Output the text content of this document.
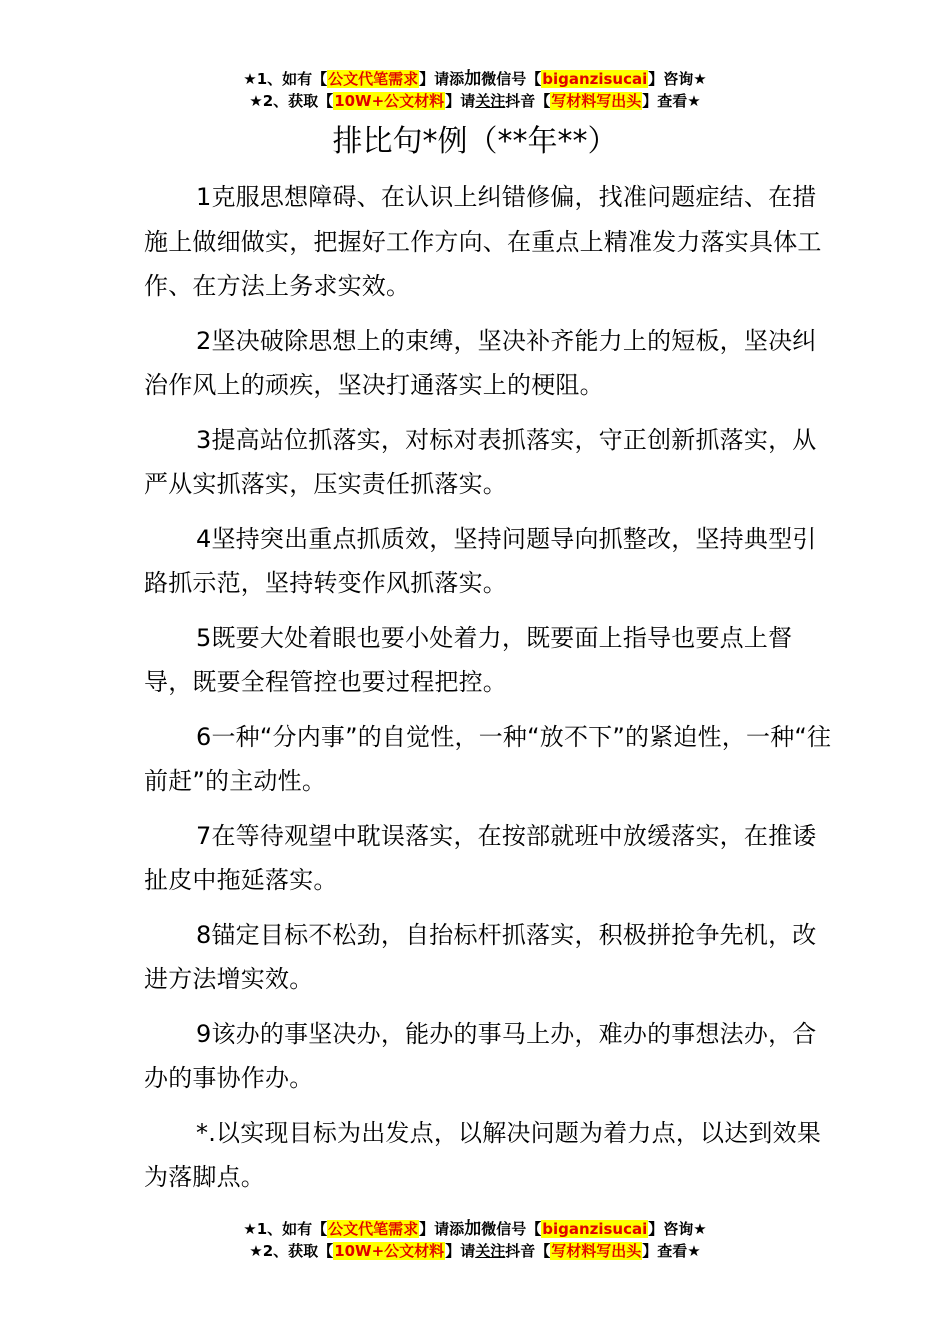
★1、如有【公文代笔需求】请添加微信号【biganzisucai】咨询★
★2、获取【10W+公文材料】请关注抖音【写材料写出头】查看★
排比句*例（**年**）

1克服思想障碍、在认识上纠错修偏，找准问题症结、在措施上做细做实，把握好工作方向、在重点上精准发力落实具体工作、在方法上务求实效。

2坚决破除思想上的束缚，坚决补齐能力上的短板，坚决纠治作风上的顽疾，坚决打通落实上的梗阻。

3提高站位抓落实，对标对表抓落实，守正创新抓落实，从严从实抓落实，压实责任抓落实。

4坚持突出重点抓质效，坚持问题导向抓整改，坚持典型引路抓示范，坚持转变作风抓落实。

5既要大处着眼也要小处着力，既要面上指导也要点上督导，既要全程管控也要过程把控。

6一种“分内事”的自觉性，一种“放不下”的紧迫性，一种“往前赶”的主动性。

7在等待观望中耽误落实，在按部就班中放缓落实，在推诿扯皮中拖延落实。

8锚定目标不松劲，自抬标杆抓落实，积极拼抢争先机，改进方法增实效。

9该办的事坚决办，能办的事马上办，难办的事想法办，合办的事协作办。

*.以实现目标为出发点，以解决问题为着力点，以达到效果为落脚点。

★1、如有【公文代笔需求】请添加微信号【biganzisucai】咨询★
★2、获取【10W+公文材料】请关注抖音【写材料写出头】查看★
